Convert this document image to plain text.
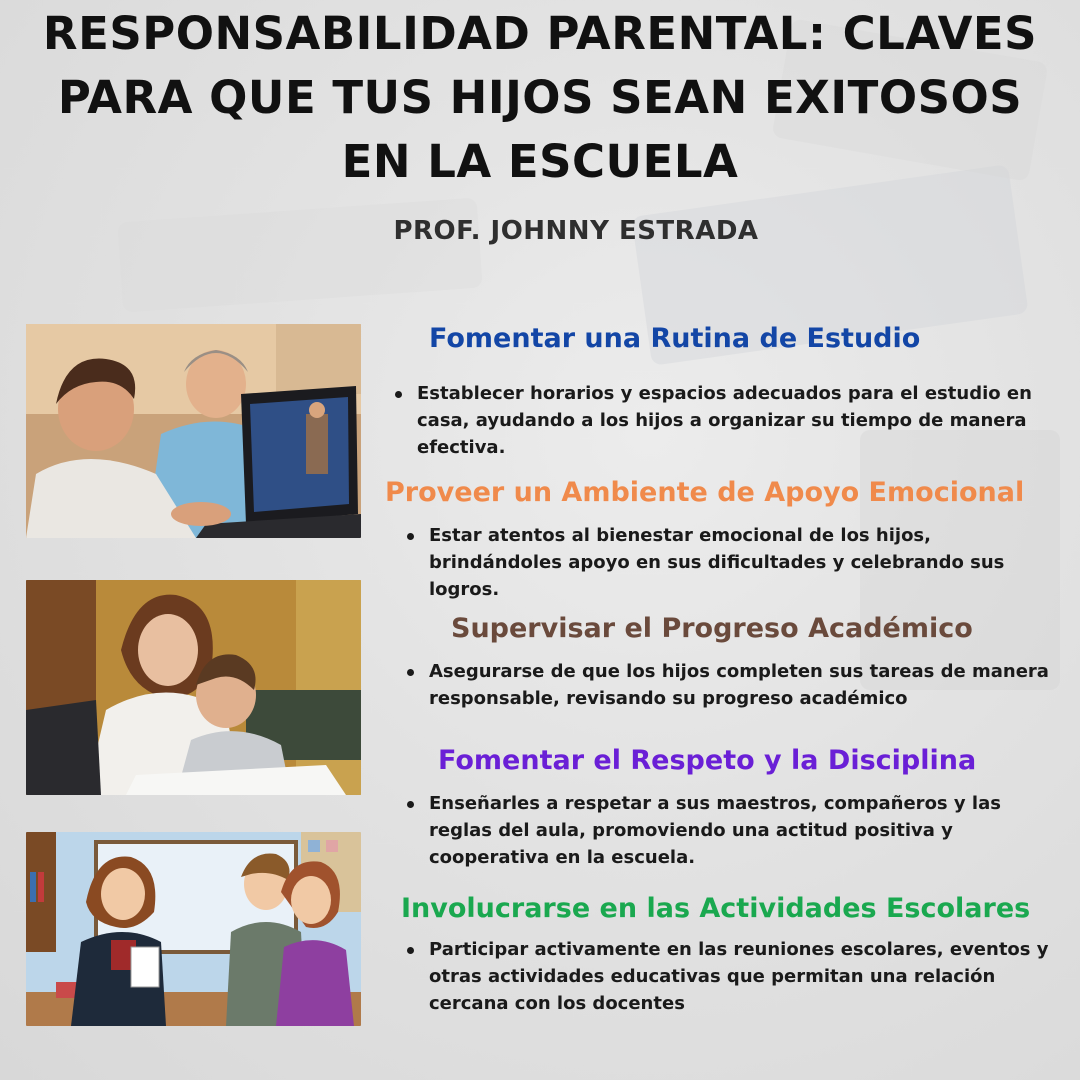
RESPONSABILIDAD PARENTAL: CLAVES PARA QUE TUS HIJOS SEAN EXITOSOS EN LA ESCUELA
PROF. JOHNNY ESTRADA
Fomentar una Rutina de Estudio

Establecer horarios y espacios adecuados para el estudio en casa, ayudando a los hijos a organizar su tiempo de manera efectiva.

Proveer un Ambiente de Apoyo Emocional

Estar atentos al bienestar emocional de los hijos, brindándoles apoyo en sus dificultades y celebrando sus logros.

Supervisar el Progreso Académico

Asegurarse de que los hijos completen sus tareas de manera responsable, revisando su progreso académico

Fomentar el Respeto y la Disciplina

Enseñarles a respetar a sus maestros, compañeros y las reglas del aula, promoviendo una actitud positiva y cooperativa en la escuela.

Involucrarse en las Actividades Escolares

Participar activamente en las reuniones escolares, eventos y otras actividades educativas que permitan una relación cercana con los docentes
